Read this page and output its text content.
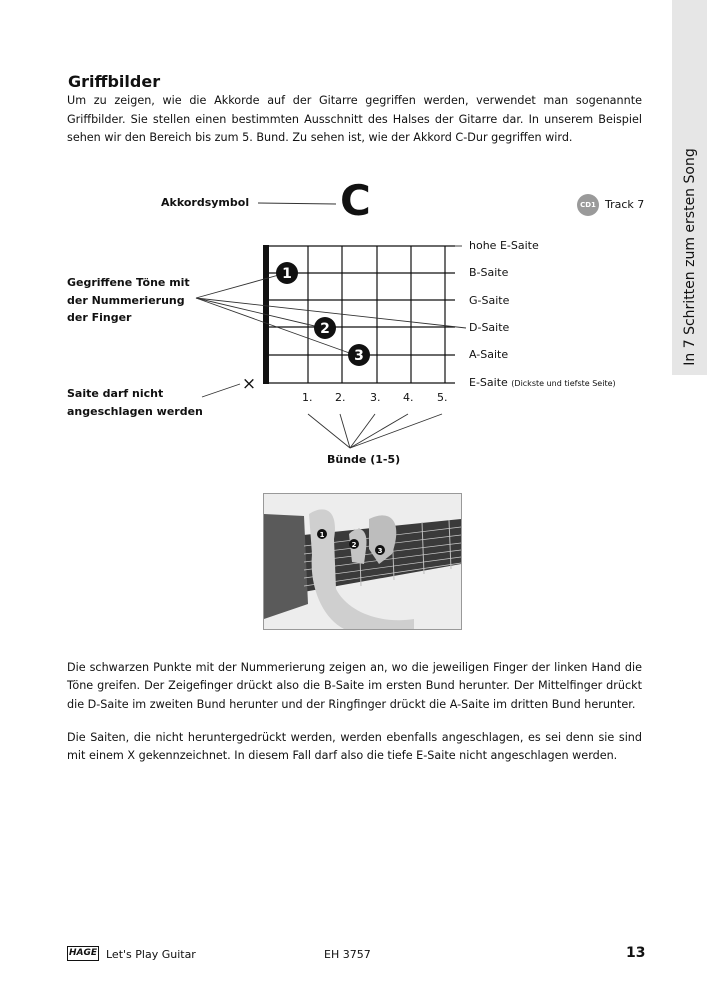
In 7 Schritten zum ersten Song
Griffbilder

Um zu zeigen, wie die Akkorde auf der Gitarre gegriffen werden, verwendet man sogenannte Griffbilder. Sie stellen einen bestimmten Ausschnitt des Halses der Gitarre dar. In unserem Beispiel sehen wir den Bereich bis zum 5. Bund. Zu sehen ist, wie der Akkord C-Dur gegriffen wird.

1
2
3
×
Akkordsymbol C	CD1 Track 7
Gegriffene Töne mit
der Nummerierung
der Finger
Saite darf nicht
angeschlagen werden
hohe E-Saite
B-Saite
G-Saite
D-Saite
A-Saite
E-Saite (Dickste und tiefste Seite)
1. 2. 3. 4. 5.
Bünde (1-5)
1
2
3

Die schwarzen Punkte mit der Nummerierung zeigen an, wo die jeweiligen Finger der linken Hand die Töne greifen. Der Zeigefinger drückt also die B-Saite im ersten Bund herunter. Der Mittelfinger drückt die D-Saite im zweiten Bund herunter und der Ringfinger drückt die A-Saite im dritten Bund herunter.

Die Saiten, die nicht heruntergedrückt werden, werden ebenfalls angeschlagen, es sei denn sie sind mit einem X gekennzeichnet. In diesem Fall darf also die tiefe E-Saite nicht angeschlagen werden.

HAGE Let's Play Guitar	EH 3757	13
